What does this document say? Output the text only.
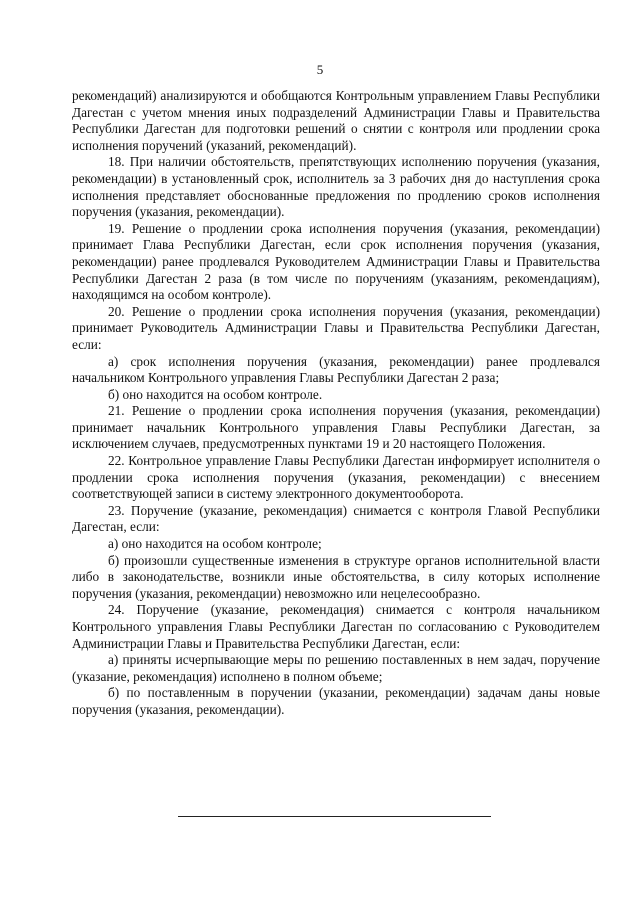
5

рекомендаций) анализируются и обобщаются Контрольным управлением Главы Республики Дагестан с учетом мнения иных подразделений Администрации Главы и Правительства Республики Дагестан для подготовки решений о снятии с контроля или продлении срока исполнения поручений (указаний, рекомендаций).

18. При наличии обстоятельств, препятствующих исполнению поручения (указания, рекомендации) в установленный срок, исполнитель за 3 рабочих дня до наступления срока исполнения представляет обоснованные предложения по продлению сроков исполнения поручения (указания, рекомендации).

19. Решение о продлении срока исполнения поручения (указания, рекомендации) принимает Глава Республики Дагестан, если срок исполнения поручения (указания, рекомендации) ранее продлевался Руководителем Администрации Главы и Правительства Республики Дагестан 2 раза (в том числе по поручениям (указаниям, рекомендациям), находящимся на особом контроле).

20. Решение о продлении срока исполнения поручения (указания, рекомендации) принимает Руководитель Администрации Главы и Правительства Республики Дагестан, если:

а) срок исполнения поручения (указания, рекомендации) ранее продлевался начальником Контрольного управления Главы Республики Дагестан 2 раза;

б) оно находится на особом контроле.

21. Решение о продлении срока исполнения поручения (указания, рекомендации) принимает начальник Контрольного управления Главы Республики Дагестан, за исключением случаев, предусмотренных пунктами 19 и 20 настоящего Положения.

22. Контрольное управление Главы Республики Дагестан информирует исполнителя о продлении срока исполнения поручения (указания, рекомендации) с внесением соответствующей записи в систему электронного документооборота.

23. Поручение (указание, рекомендация) снимается с контроля Главой Республики Дагестан, если:

а) оно находится на особом контроле;

б) произошли существенные изменения в структуре органов исполнительной власти либо в законодательстве, возникли иные обстоятельства, в силу которых исполнение поручения (указания, рекомендации) невозможно или нецелесообразно.

24. Поручение (указание, рекомендация) снимается с контроля начальником Контрольного управления Главы Республики Дагестан по согласованию с Руководителем Администрации Главы и Правительства Республики Дагестан, если:

а) приняты исчерпывающие меры по решению поставленных в нем задач, поручение (указание, рекомендация) исполнено в полном объеме;

б) по поставленным в поручении (указании, рекомендации) задачам даны новые поручения (указания, рекомендации).
